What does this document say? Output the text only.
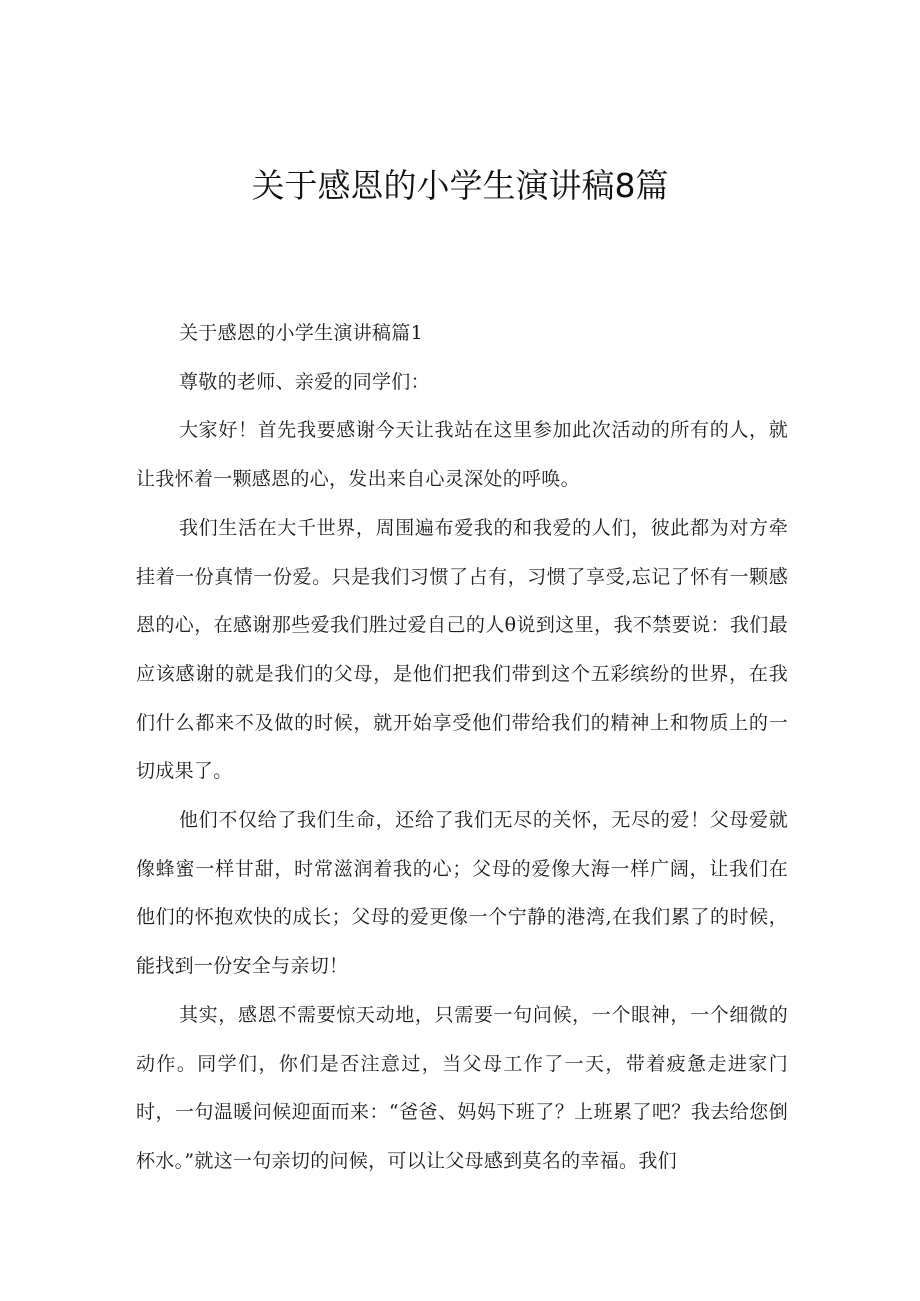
关于感恩的小学生演讲稿8篇

关于感恩的小学生演讲稿篇1

尊敬的老师、亲爱的同学们：

大家好！首先我要感谢今天让我站在这里参加此次活动的所有的人，就让我怀着一颗感恩的心，发出来自心灵深处的呼唤。

我们生活在大千世界，周围遍布爱我的和我爱的人们，彼此都为对方牵挂着一份真情一份爱。只是我们习惯了占有，习惯了享受,忘记了怀有一颗感恩的心，在感谢那些爱我们胜过爱自己的人θ说到这里，我不禁要说：我们最应该感谢的就是我们的父母，是他们把我们带到这个五彩缤纷的世界，在我们什么都来不及做的时候，就开始享受他们带给我们的精神上和物质上的一切成果了。

他们不仅给了我们生命，还给了我们无尽的关怀，无尽的爱！父母爱就像蜂蜜一样甘甜，时常滋润着我的心；父母的爱像大海一样广阔，让我们在他们的怀抱欢快的成长；父母的爱更像一个宁静的港湾,在我们累了的时候，能找到一份安全与亲切！

其实，感恩不需要惊天动地，只需要一句问候，一个眼神，一个细微的动作。同学们，你们是否注意过，当父母工作了一天，带着疲惫走进家门时，一句温暖问候迎面而来：“爸爸、妈妈下班了？上班累了吧？我去给您倒杯水。”就这一句亲切的问候，可以让父母感到莫名的幸福。我们
